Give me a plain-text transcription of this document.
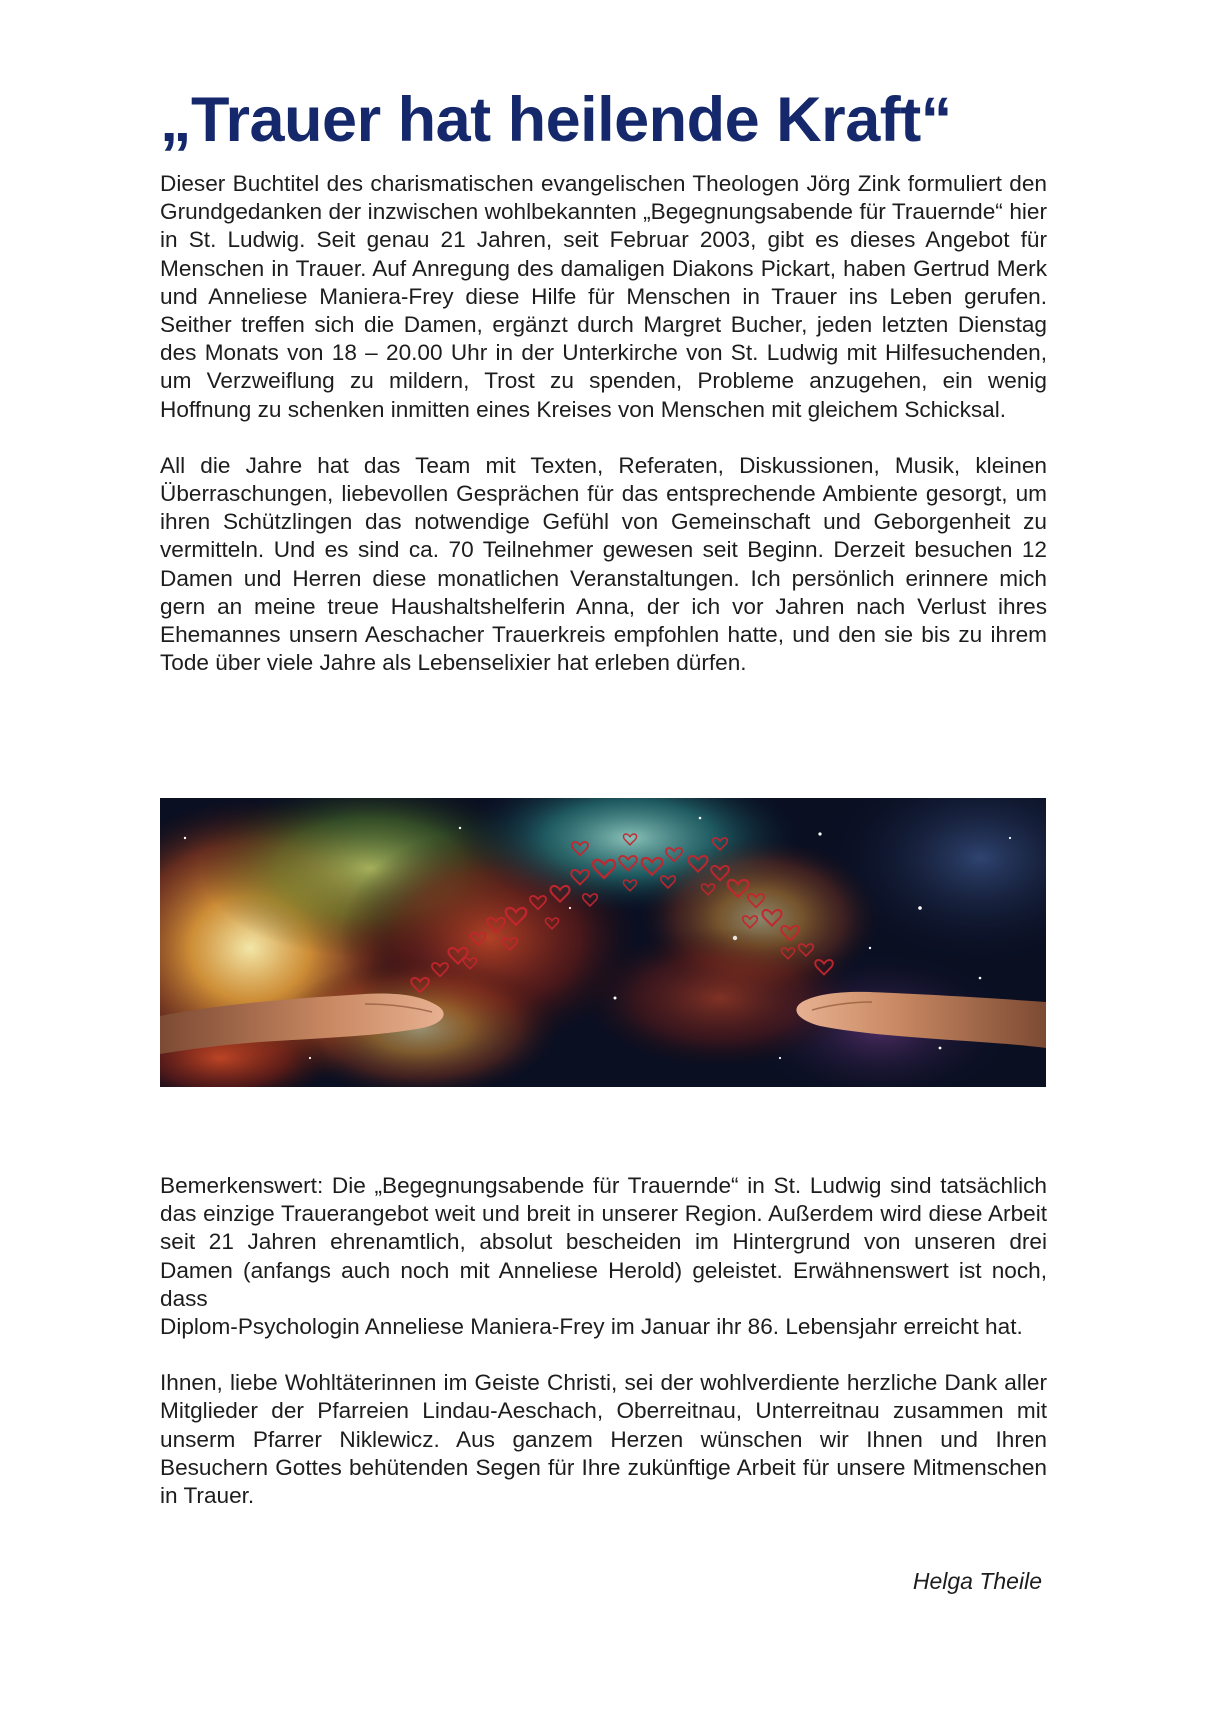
„Trauer hat heilende Kraft“

Dieser Buchtitel des charismatischen evangelischen Theologen Jörg Zink formuliert den Grundgedanken der inzwischen wohlbekannten „Begegnungsabende für Trauernde“ hier in St. Ludwig. Seit genau 21 Jahren, seit Februar 2003, gibt es dieses Angebot für Menschen in Trauer. Auf Anregung des damaligen Diakons Pickart, haben Gertrud Merk und Anneliese Maniera-Frey diese Hilfe für Menschen in Trauer ins Leben gerufen. Seither treffen sich die Damen, ergänzt durch Margret Bucher, jeden letzten Dienstag des Monats von 18 – 20.00 Uhr in der Unterkirche von St. Ludwig mit Hilfesuchenden, um Verzweiflung zu mildern, Trost zu spenden, Probleme anzugehen, ein wenig Hoffnung zu schenken inmitten eines Kreises von Menschen mit gleichem Schicksal.

All die Jahre hat das Team mit Texten, Referaten, Diskussionen, Musik, kleinen Überraschungen, liebevollen Gesprächen für das entsprechende Ambiente gesorgt, um ihren Schützlingen das notwendige Gefühl von Gemeinschaft und Geborgenheit zu vermitteln. Und es sind ca. 70 Teilnehmer gewesen seit Beginn. Derzeit besuchen 12 Damen und Herren diese monatlichen Veranstaltungen. Ich persönlich erinnere mich gern an meine treue Haushaltshelferin Anna, der ich vor Jahren nach Verlust ihres Ehemannes unsern Aeschacher Trauerkreis empfohlen hatte, und den sie bis zu ihrem Tode über viele Jahre als Lebenselixier hat erleben dürfen.

Bemerkenswert: Die „Begegnungsabende für Trauernde“ in St. Ludwig sind tatsächlich das einzige Trauerangebot weit und breit in unserer Region. Außerdem wird diese Arbeit seit 21 Jahren ehrenamtlich, absolut bescheiden im Hintergrund von unseren drei Damen (anfangs auch noch mit Anneliese Herold) geleistet. Erwähnenswert ist noch, dass

Diplom-Psychologin Anneliese Maniera-Frey im Januar ihr 86. Lebensjahr erreicht hat.

Ihnen, liebe Wohltäterinnen im Geiste Christi, sei der wohlverdiente herzliche Dank aller Mitglieder der Pfarreien Lindau-Aeschach, Oberreitnau, Unterreitnau zusammen mit unserm Pfarrer Niklewicz. Aus ganzem Herzen wünschen wir Ihnen und Ihren Besuchern Gottes behütenden Segen für Ihre zukünftige Arbeit für unsere Mitmenschen in Trauer.

Helga Theile
